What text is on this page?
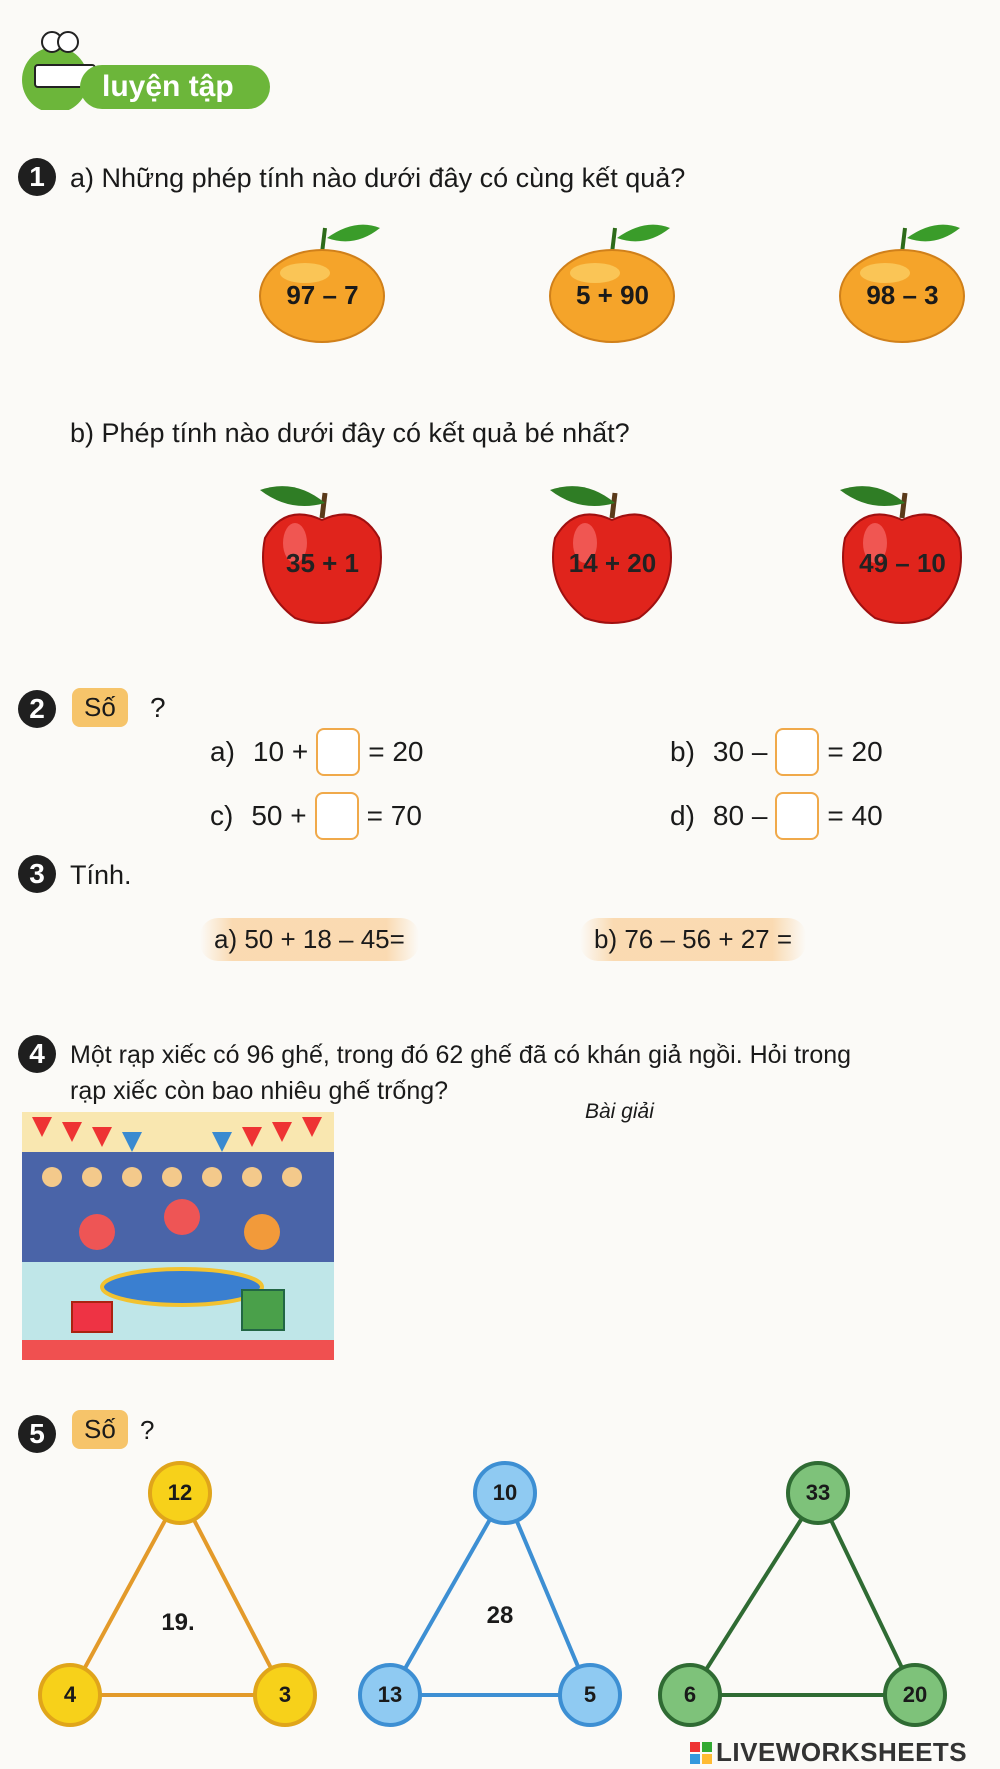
luyện tập
1 a) Những phép tính nào dưới đây có cùng kết quả?
97 – 7	5 + 90	98 – 3
b) Phép tính nào dưới đây có kết quả bé nhất?
35 + 1	14 + 20	49 – 10
2	Số	?
a) 10 + = 20	b) 30 – = 20
c) 50 + = 70	d) 80 – = 40
3 Tính.
a) 50 + 18 – 45=	b) 76 – 56 + 27 =
4	Một rạp xiếc có 96 ghế, trong đó 62 ghế đã có khán giả ngồi. Hỏi trong
rạp xiếc còn bao nhiêu ghế trống?
Bài giải
5	Số ?
12
4	3
19.
10
13	5
28
33
6	20
LIVEWORKSHEETS
